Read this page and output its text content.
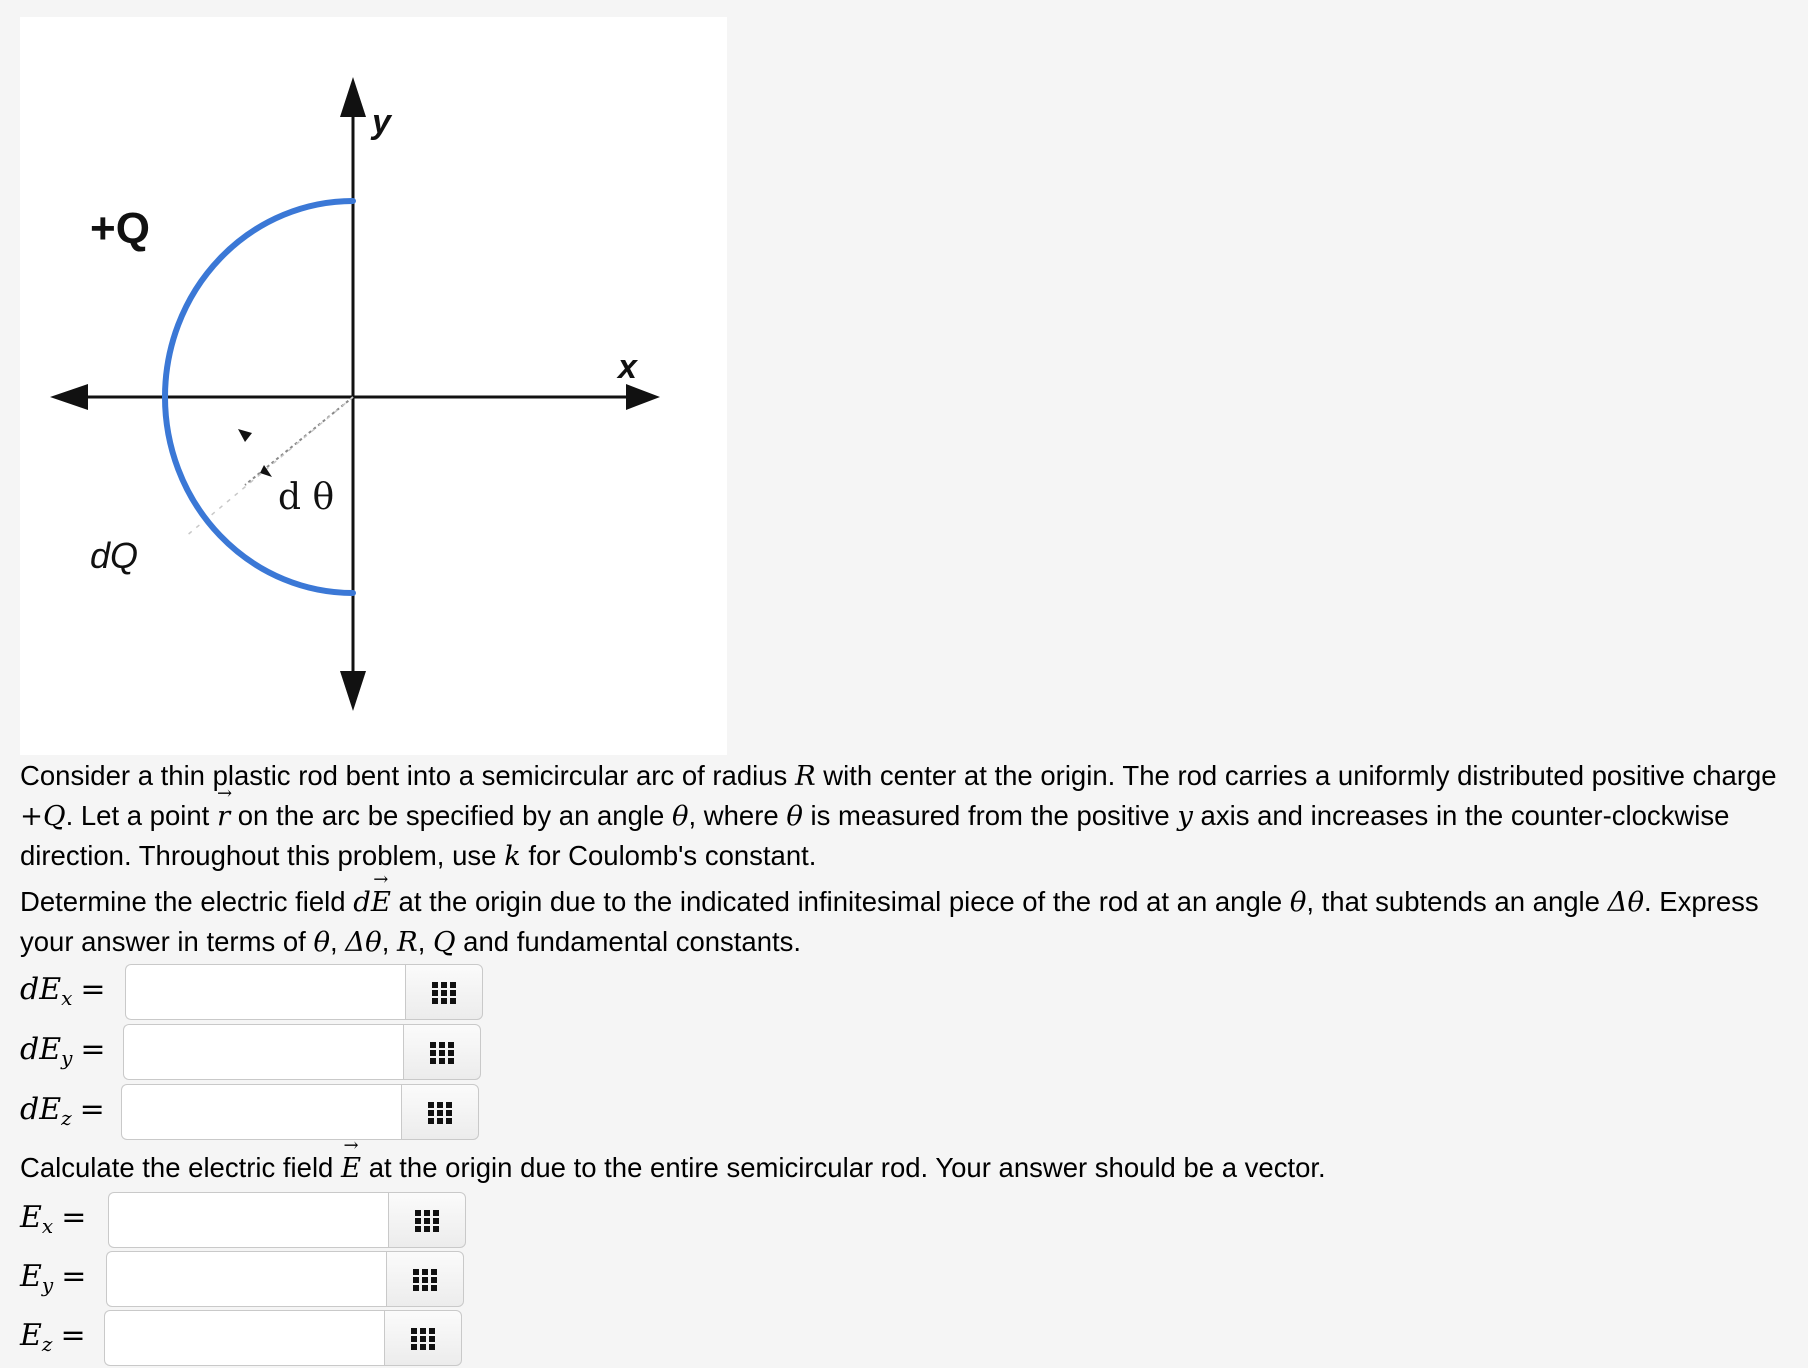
+Q
dQ
d θ
y
x
Consider a thin plastic rod bent into a semicircular arc of radius R with center at the origin. The rod carries a uniformly distributed positive charge +Q. Let a point → r on the arc be specified by an angle θ, where θ is measured from the positive y axis and increases in the counter-clockwise direction. Throughout this problem, use k for Coulomb's constant.
Determine the electric field d→ E at the origin due to the indicated infinitesimal piece of the rod at an angle θ, that subtends an angle Δθ. Express your answer in terms of θ, Δθ, R, Q and fundamental constants.
$dE_x$ =
$dE_y$ =
$dE_z$ =
Calculate the electric field → E at the origin due to the entire semicircular rod. Your answer should be a vector.
$E_x$ =
$E_y$ =
$E_z$ =
